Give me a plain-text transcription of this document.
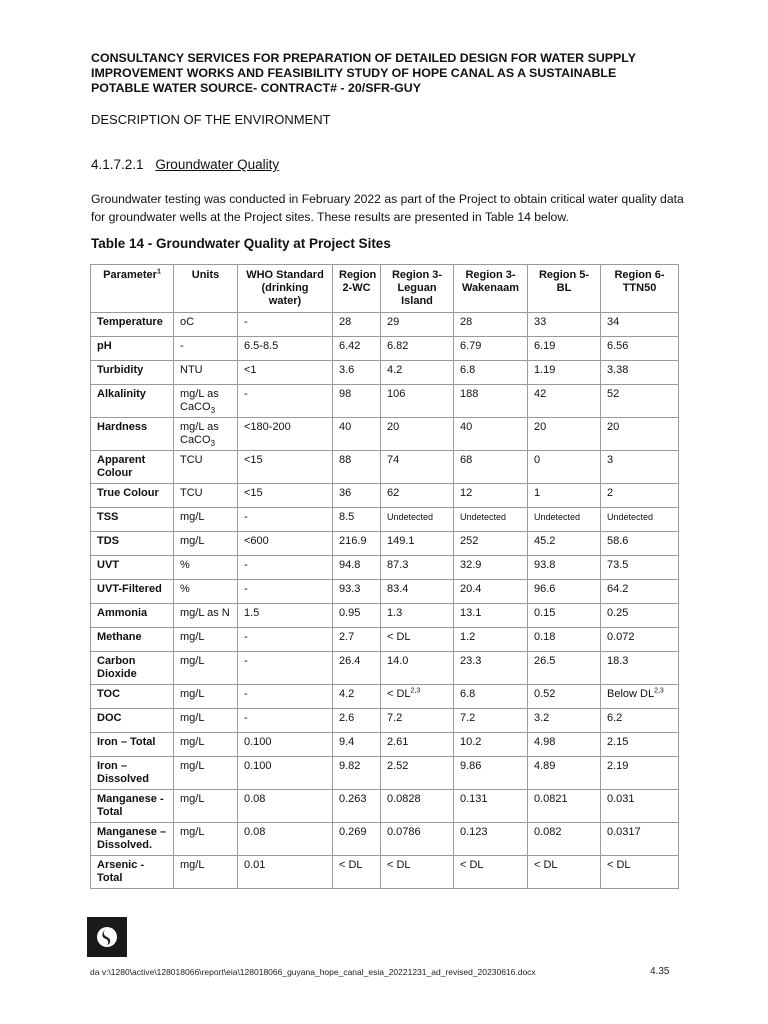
CONSULTANCY SERVICES FOR PREPARATION OF DETAILED DESIGN FOR WATER SUPPLY
IMPROVEMENT WORKS AND FEASIBILITY STUDY OF HOPE CANAL AS A SUSTAINABLE
POTABLE WATER SOURCE- CONTRACT# - 20/SFR-GUY
DESCRIPTION OF THE ENVIRONMENT
4.1.7.2.1 Groundwater Quality
Groundwater testing was conducted in February 2022 as part of the Project to obtain critical water quality data for groundwater wells at the Project sites. These results are presented in Table 14 below.
Table 14 - Groundwater Quality at Project Sites
Parameter$^1$	Units	WHO Standard (drinking water)	Region 2-WC	Region 3- Leguan Island	Region 3- Wakenaam	Region 5- BL	Region 6- TTN50
Temperature	oC	-	28	29	28	33	34
pH	-	6.5-8.5	6.42	6.82	6.79	6.19	6.56
Turbidity	NTU	<1	3.6	4.2	6.8	1.19	3.38
Alkalinity	mg/L as CaCO$_3$	-	98	106	188	42	52
Hardness	mg/L as CaCO$_3$	<180-200	40	20	40	20	20
Apparent Colour	TCU	<15	88	74	68	0	3
True Colour	TCU	<15	36	62	12	1	2
TSS	mg/L	-	8.5	Undetected	Undetected	Undetected	Undetected
TDS	mg/L	<600	216.9	149.1	252	45.2	58.6
UVT	%	-	94.8	87.3	32.9	93.8	73.5
UVT-Filtered	%	-	93.3	83.4	20.4	96.6	64.2
Ammonia	mg/L as N	1.5	0.95	1.3	13.1	0.15	0.25
Methane	mg/L	-	2.7	< DL	1.2	0.18	0.072
Carbon Dioxide	mg/L	-	26.4	14.0	23.3	26.5	18.3
TOC	mg/L	-	4.2	< DL$^{2,3}$	6.8	0.52	Below DL$^{2,3}$
DOC	mg/L	-	2.6	7.2	7.2	3.2	6.2
Iron – Total	mg/L	0.100	9.4	2.61	10.2	4.98	2.15
Iron – Dissolved	mg/L	0.100	9.82	2.52	9.86	4.89	2.19
Manganese - Total	mg/L	0.08	0.263	0.0828	0.131	0.0821	0.031
Manganese – Dissolved.	mg/L	0.08	0.269	0.0786	0.123	0.082	0.0317
Arsenic - Total	mg/L	0.01	< DL	< DL	< DL	< DL	< DL
da v:\1280\active\128018066\report\eia\128018066_guyana_hope_canal_esia_20221231_ad_revised_20230616.docx	4.35
